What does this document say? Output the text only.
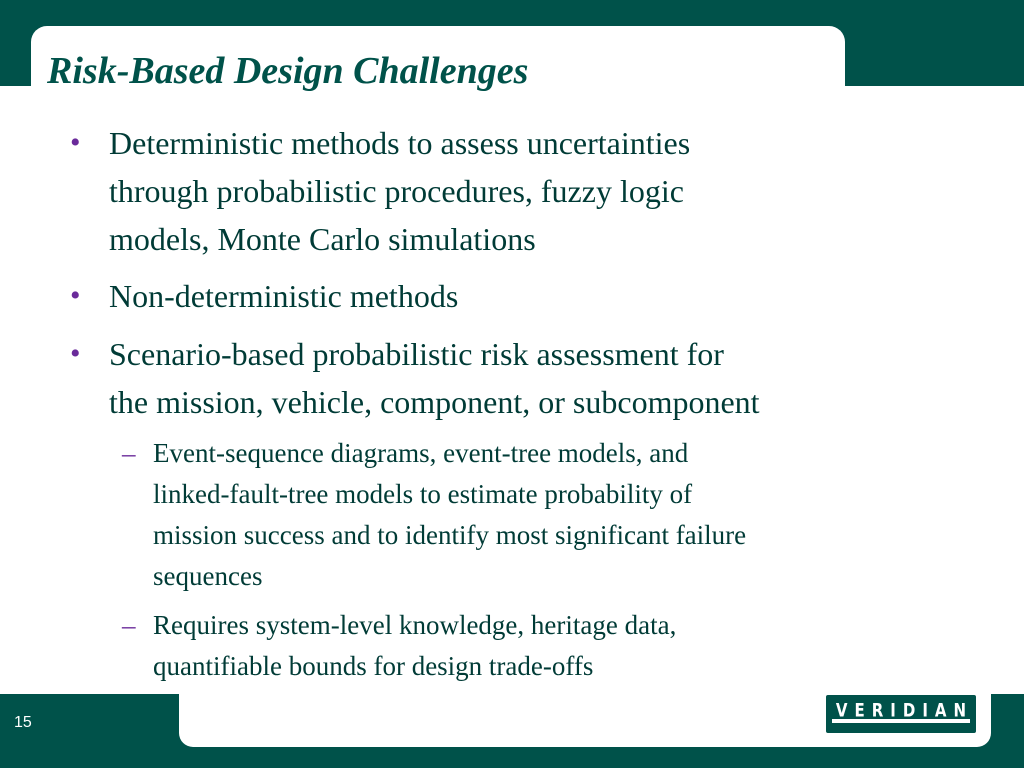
Risk-Based Design Challenges
• Deterministic methods to assess uncertainties
through probabilistic procedures, fuzzy logic
models, Monte Carlo simulations
• Non-deterministic methods
• Scenario-based probabilistic risk assessment for
the mission, vehicle, component, or subcomponent
– Event-sequence diagrams, event-tree models, and
linked-fault-tree models to estimate probability of
mission success and to identify most significant failure
sequences
– Requires system-level knowledge, heritage data,
quantifiable bounds for design trade-offs
15
VERIDIAN
